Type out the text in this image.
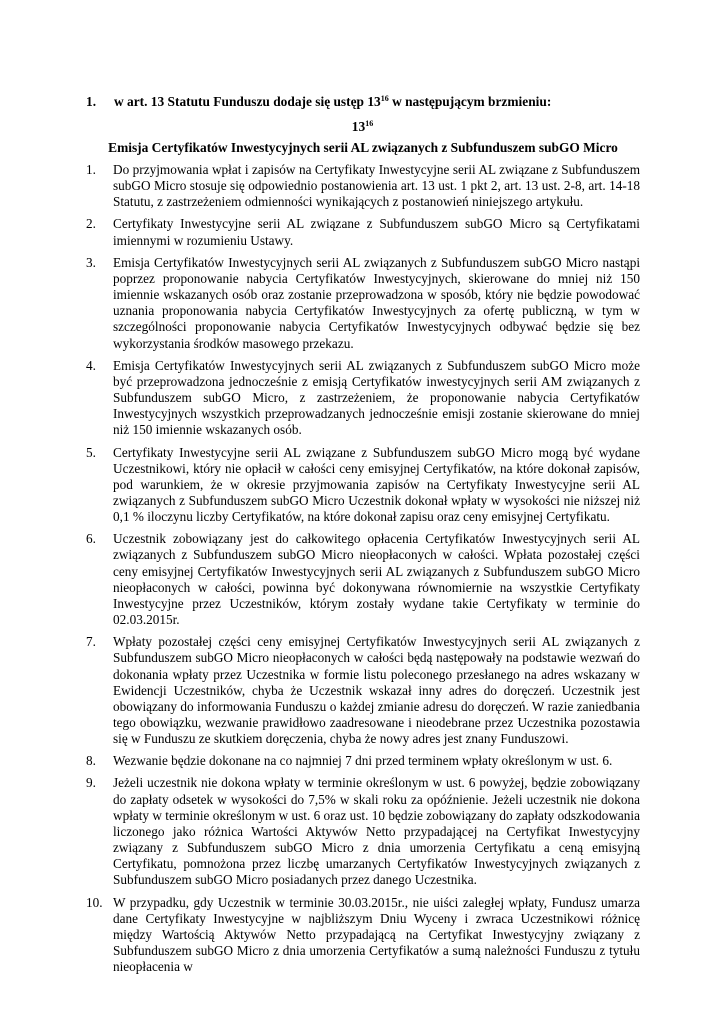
1. w art. 13 Statutu Funduszu dodaje się ustęp $13^{16}$ w następującym brzmieniu:
$13^{16}$
Emisja Certyfikatów Inwestycyjnych serii AL związanych z Subfunduszem subGO Micro
1. Do przyjmowania wpłat i zapisów na Certyfikaty Inwestycyjne serii AL związane z Subfunduszem subGO Micro stosuje się odpowiednio postanowienia art. 13 ust. 1 pkt 2, art. 13 ust. 2-8, art. 14-18 Statutu, z zastrzeżeniem odmienności wynikających z postanowień niniejszego artykułu.
2. Certyfikaty Inwestycyjne serii AL związane z Subfunduszem subGO Micro są Certyfikatami imiennymi w rozumieniu Ustawy.
3. Emisja Certyfikatów Inwestycyjnych serii AL związanych z Subfunduszem subGO Micro nastąpi poprzez proponowanie nabycia Certyfikatów Inwestycyjnych, skierowane do mniej niż 150 imiennie wskazanych osób oraz zostanie przeprowadzona w sposób, który nie będzie powodować uznania proponowania nabycia Certyfikatów Inwestycyjnych za ofertę publiczną, w tym w szczególności proponowanie nabycia Certyfikatów Inwestycyjnych odbywać będzie się bez wykorzystania środków masowego przekazu.
4. Emisja Certyfikatów Inwestycyjnych serii AL związanych z Subfunduszem subGO Micro może być przeprowadzona jednocześnie z emisją Certyfikatów inwestycyjnych serii AM związanych z Subfunduszem subGO Micro, z zastrzeżeniem, że proponowanie nabycia Certyfikatów Inwestycyjnych wszystkich przeprowadzanych jednocześnie emisji zostanie skierowane do mniej niż 150 imiennie wskazanych osób.
5. Certyfikaty Inwestycyjne serii AL związane z Subfunduszem subGO Micro mogą być wydane Uczestnikowi, który nie opłacił w całości ceny emisyjnej Certyfikatów, na które dokonał zapisów, pod warunkiem, że w okresie przyjmowania zapisów na Certyfikaty Inwestycyjne serii AL związanych z Subfunduszem subGO Micro Uczestnik dokonał wpłaty w wysokości nie niższej niż 0,1 % iloczynu liczby Certyfikatów, na które dokonał zapisu oraz ceny emisyjnej Certyfikatu.
6. Uczestnik zobowiązany jest do całkowitego opłacenia Certyfikatów Inwestycyjnych serii AL związanych z Subfunduszem subGO Micro nieopłaconych w całości. Wpłata pozostałej części ceny emisyjnej Certyfikatów Inwestycyjnych serii AL związanych z Subfunduszem subGO Micro nieopłaconych w całości, powinna być dokonywana równomiernie na wszystkie Certyfikaty Inwestycyjne przez Uczestników, którym zostały wydane takie Certyfikaty w terminie do 02.03.2015r.
7. Wpłaty pozostałej części ceny emisyjnej Certyfikatów Inwestycyjnych serii AL związanych z Subfunduszem subGO Micro nieopłaconych w całości będą następowały na podstawie wezwań do dokonania wpłaty przez Uczestnika w formie listu poleconego przesłanego na adres wskazany w Ewidencji Uczestników, chyba że Uczestnik wskazał inny adres do doręczeń. Uczestnik jest obowiązany do informowania Funduszu o każdej zmianie adresu do doręczeń. W razie zaniedbania tego obowiązku, wezwanie prawidłowo zaadresowane i nieodebrane przez Uczestnika pozostawia się w Funduszu ze skutkiem doręczenia, chyba że nowy adres jest znany Funduszowi.
8. Wezwanie będzie dokonane na co najmniej 7 dni przed terminem wpłaty określonym w ust. 6.
9. Jeżeli uczestnik nie dokona wpłaty w terminie określonym w ust. 6 powyżej, będzie zobowiązany do zapłaty odsetek w wysokości do 7,5% w skali roku za opóźnienie. Jeżeli uczestnik nie dokona wpłaty w terminie określonym w ust. 6 oraz ust. 10 będzie zobowiązany do zapłaty odszkodowania liczonego jako różnica Wartości Aktywów Netto przypadającej na Certyfikat Inwestycyjny związany z Subfunduszem subGO Micro z dnia umorzenia Certyfikatu a ceną emisyjną Certyfikatu, pomnożona przez liczbę umarzanych Certyfikatów Inwestycyjnych związanych z Subfunduszem subGO Micro posiadanych przez danego Uczestnika.
10. W przypadku, gdy Uczestnik w terminie 30.03.2015r., nie uiści zaległej wpłaty, Fundusz umarza dane Certyfikaty Inwestycyjne w najbliższym Dniu Wyceny i zwraca Uczestnikowi różnicę między Wartością Aktywów Netto przypadającą na Certyfikat Inwestycyjny związany z Subfunduszem subGO Micro z dnia umorzenia Certyfikatów a sumą należności Funduszu z tytułu nieopłacenia w
